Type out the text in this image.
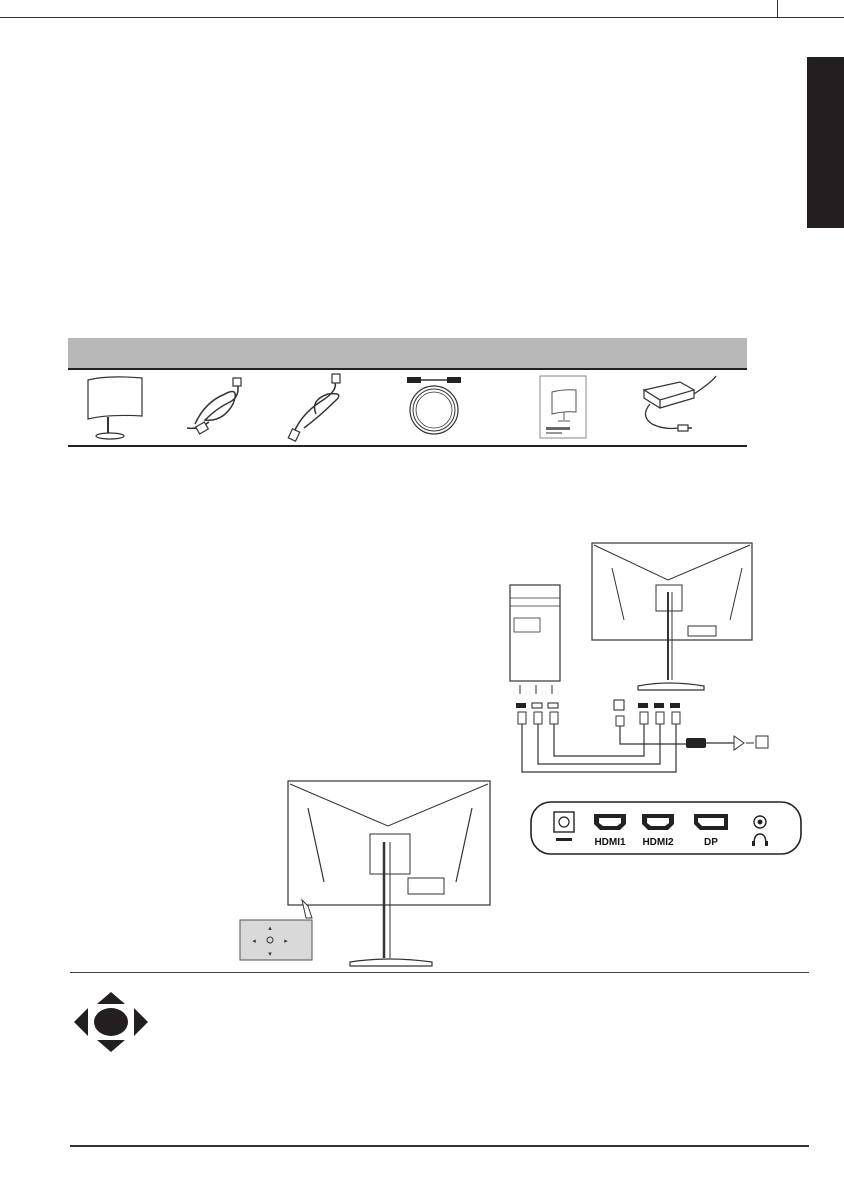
HDMI1 HDMI2	DP
▴
▾
◂	▸
